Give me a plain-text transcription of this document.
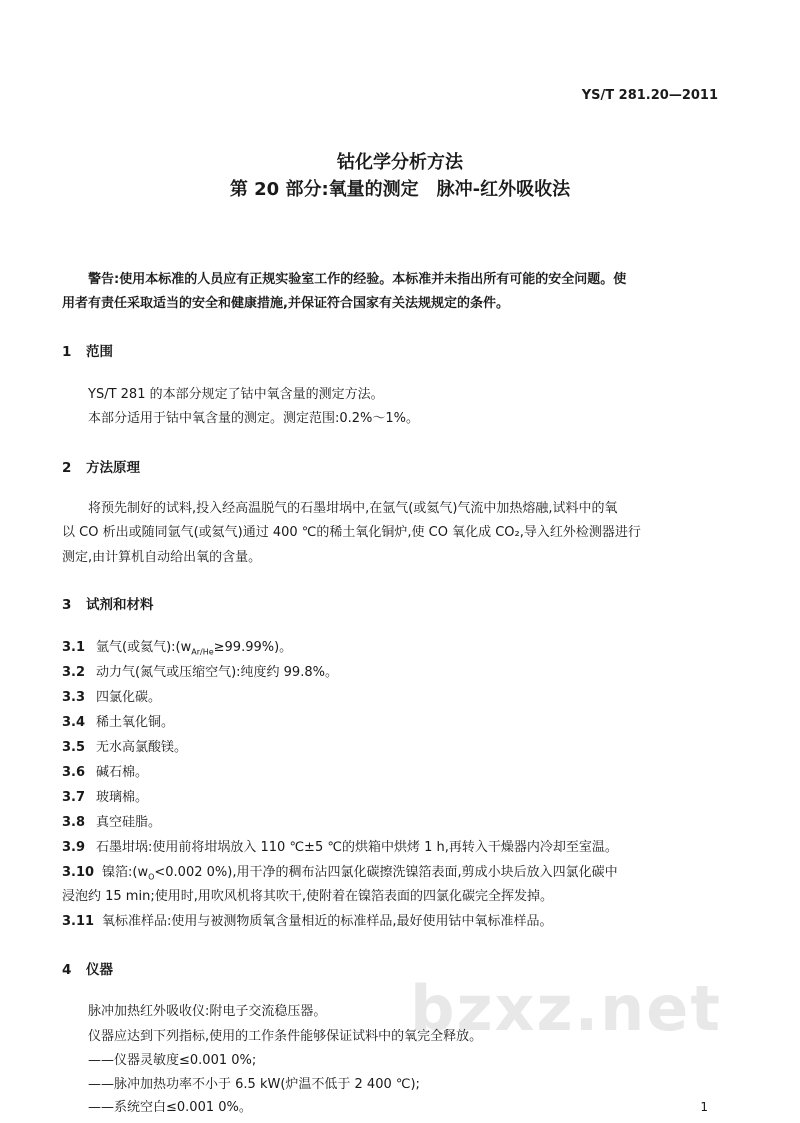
YS/T 281.20—2011
钴化学分析方法
第 20 部分:氧量的测定　脉冲-红外吸收法
警告:使用本标准的人员应有正规实验室工作的经验。本标准并未指出所有可能的安全问题。使
用者有责任采取适当的安全和健康措施,并保证符合国家有关法规规定的条件。
1 范围
YS/T 281 的本部分规定了钴中氧含量的测定方法。
本部分适用于钴中氧含量的测定。测定范围:0.2%～1%。
2 方法原理
将预先制好的试料,投入经高温脱气的石墨坩埚中,在氩气(或氦气)气流中加热熔融,试料中的氧
以 CO 析出或随同氩气(或氦气)通过 400 ℃的稀土氧化铜炉,使 CO 氧化成 CO₂,导入红外检测器进行
测定,由计算机自动给出氧的含量。
3 试剂和材料
3.1 氩气(或氦气)$:(w_{Ar/He}\ge 99.99\%)$。
3.2 动力气(氮气或压缩空气):纯度约 99.8%。
3.3 四氯化碳。
3.4 稀土氧化铜。
3.5 无水高氯酸镁。
3.6 碱石棉。
3.7 玻璃棉。
3.8 真空硅脂。
3.9 石墨坩埚:使用前将坩埚放入 110 ℃±5 ℃的烘箱中烘烤 1 h,再转入干燥器内冷却至室温。
3.10 镍箔$:(w_O<0.002$ 0%),用干净的稠布沾四氯化碳擦洗镍箔表面,剪成小块后放入四氯化碳中
浸泡约 15 min;使用时,用吹风机将其吹干,使附着在镍箔表面的四氯化碳完全挥发掉。
3.11 氧标准样品:使用与被测物质氧含量相近的标准样品,最好使用钴中氧标准样品。
4 仪器
bzxz.net
脉冲加热红外吸收仪:附电子交流稳压器。
仪器应达到下列指标,使用的工作条件能够保证试料中的氧完全释放。
——仪器灵敏度≤0.001 0%;
——脉冲加热功率不小于 6.5 kW(炉温不低于 2 400 ℃);
——系统空白≤0.001 0%。	1
